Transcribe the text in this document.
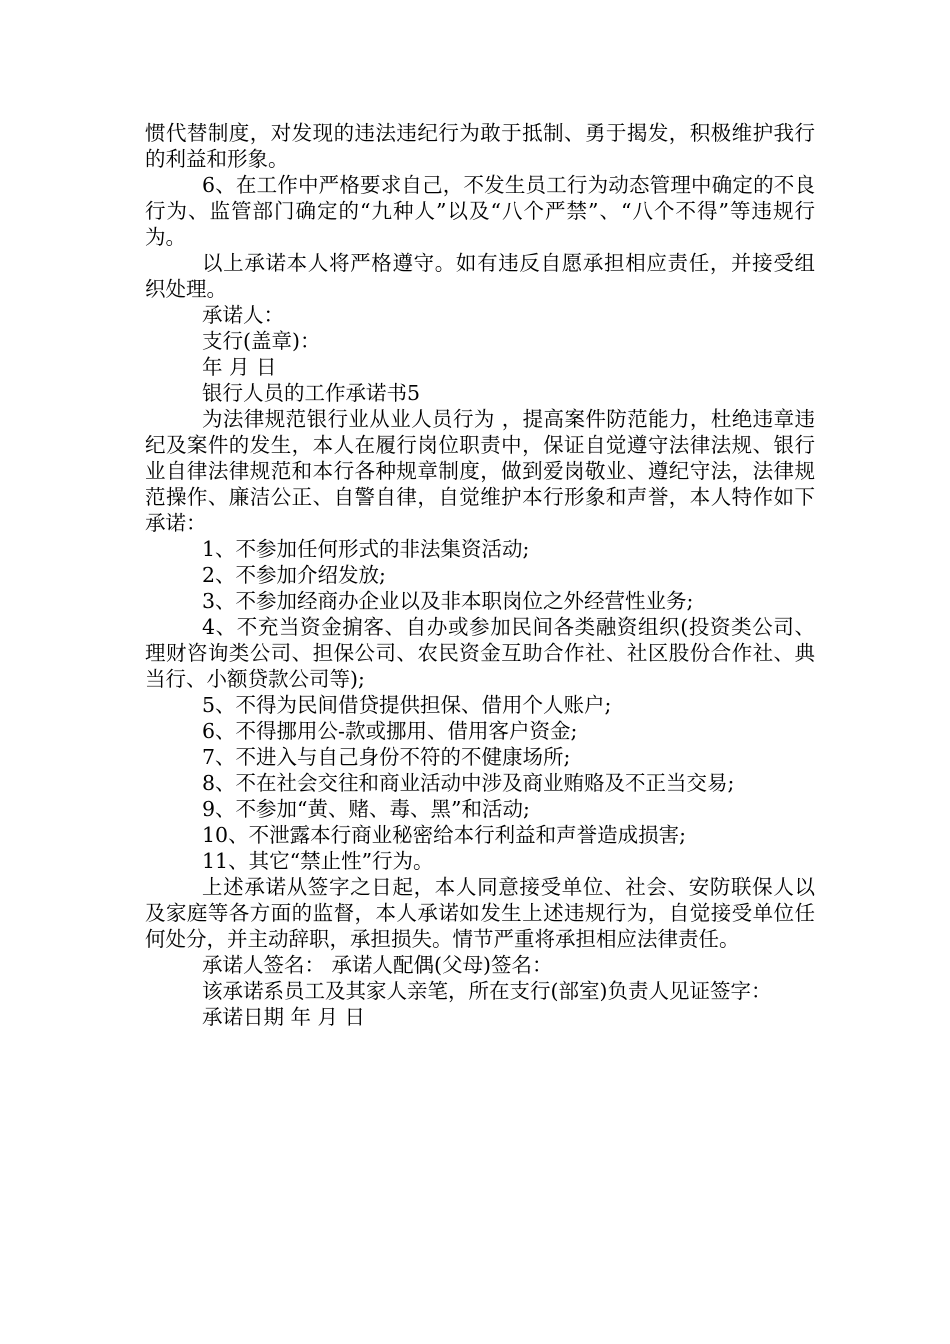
惯代替制度，对发现的违法违纪行为敢于抵制、勇于揭发，积极维护我行的利益和形象。

6、在工作中严格要求自己，不发生员工行为动态管理中确定的不良行为、监管部门确定的“九种人”以及“八个严禁”、“八个不得”等违规行为。

以上承诺本人将严格遵守。如有违反自愿承担相应责任，并接受组织处理。

承诺人：

支行(盖章)：

年 月 日

银行人员的工作承诺书5

为法律规范银行业从业人员行为 ，提高案件防范能力，杜绝违章违纪及案件的发生，本人在履行岗位职责中，保证自觉遵守法律法规、银行业自律法律规范和本行各种规章制度，做到爱岗敬业、遵纪守法，法律规范操作、廉洁公正、自警自律，自觉维护本行形象和声誉，本人特作如下承诺：

1、不参加任何形式的非法集资活动;

2、不参加介绍发放;

3、不参加经商办企业以及非本职岗位之外经营性业务;

4、不充当资金掮客、自办或参加民间各类融资组织(投资类公司、理财咨询类公司、担保公司、农民资金互助合作社、社区股份合作社、典当行、小额贷款公司等);

5、不得为民间借贷提供担保、借用个人账户;

6、不得挪用公-款或挪用、借用客户资金;

7、不进入与自己身份不符的不健康场所;

8、不在社会交往和商业活动中涉及商业贿赂及不正当交易;

9、不参加“黄、赌、毒、黑”和活动;

10、不泄露本行商业秘密给本行利益和声誉造成损害;

11、其它“禁止性”行为。

上述承诺从签字之日起，本人同意接受单位、社会、安防联保人以及家庭等各方面的监督，本人承诺如发生上述违规行为，自觉接受单位任何处分，并主动辞职，承担损失。情节严重将承担相应法律责任。

承诺人签名： 承诺人配偶(父母)签名：

该承诺系员工及其家人亲笔，所在支行(部室)负责人见证签字：

承诺日期 年 月 日
